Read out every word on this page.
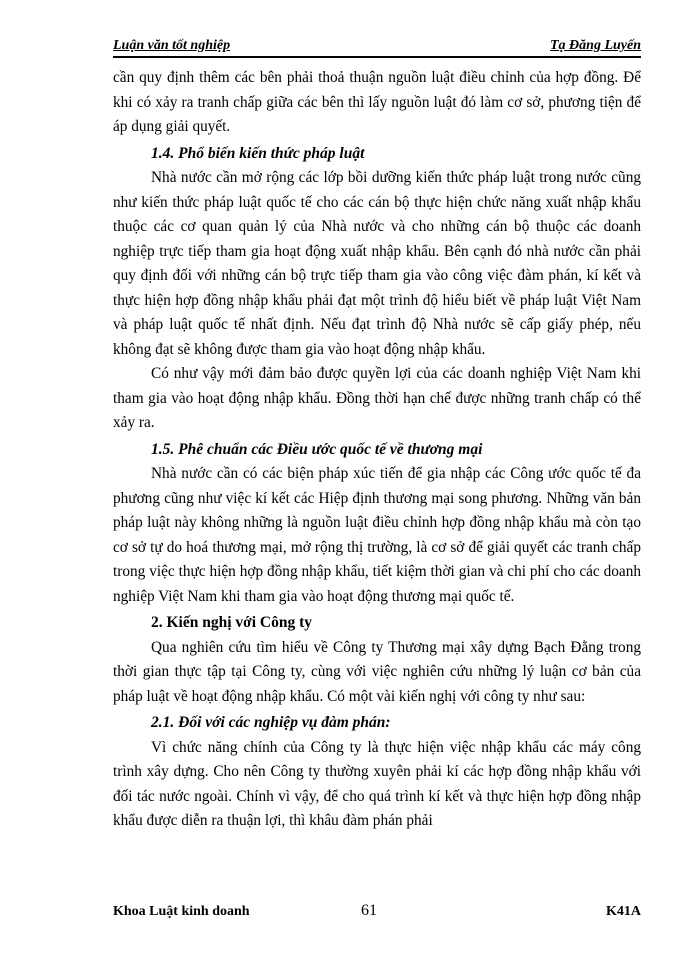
Luận văn tốt nghiệp	Tạ Đăng Luyến

cần quy định thêm các bên phải thoả thuận nguồn luật điều chỉnh của hợp đồng. Để khi có xảy ra tranh chấp giữa các bên thì lấy nguồn luật đó làm cơ sở, phương tiện để áp dụng giải quyết.

1.4. Phổ biến kiến thức pháp luật

Nhà nước cần mở rộng các lớp bồi dưỡng kiến thức pháp luật trong nước cũng như kiến thức pháp luật quốc tế cho các cán bộ thực hiện chức năng xuất nhập khẩu thuộc các cơ quan quản lý của Nhà nước và cho những cán bộ thuộc các doanh nghiệp trực tiếp tham gia hoạt động xuất nhập khẩu. Bên cạnh đó nhà nước cần phải quy định đối với những cán bộ trực tiếp tham gia vào công việc đàm phán, kí kết và thực hiện hợp đồng nhập khẩu phải đạt một trình độ hiểu biết về pháp luật Việt Nam và pháp luật quốc tế nhất định. Nếu đạt trình độ Nhà nước sẽ cấp giấy phép, nếu không đạt sẽ không được tham gia vào hoạt động nhập khẩu.

Có như vậy mới đảm bảo được quyền lợi của các doanh nghiệp Việt Nam khi tham gia vào hoạt động nhập khẩu. Đồng thời hạn chế được những tranh chấp có thể xảy ra.

1.5. Phê chuẩn các Điều ước quốc tế về thương mại

Nhà nước cần có các biện pháp xúc tiến để gia nhập các Công ước quốc tế đa phương cũng như việc kí kết các Hiệp định thương mại song phương. Những văn bản pháp luật này không những là nguồn luật điều chỉnh hợp đồng nhập khẩu mà còn tạo cơ sở tự do hoá thương mại, mở rộng thị trường, là cơ sở để giải quyết các tranh chấp trong việc thực hiện hợp đồng nhập khẩu, tiết kiệm thời gian và chi phí cho các doanh nghiệp Việt Nam khi tham gia vào hoạt động thương mại quốc tế.

2. Kiến nghị với Công ty

Qua nghiên cứu tìm hiểu về Công ty Thương mại xây dựng Bạch Đằng trong thời gian thực tập tại Công ty, cùng với việc nghiên cứu những lý luận cơ bản của pháp luật về hoạt động nhập khẩu. Có một vài kiến nghị với công ty như sau:

2.1. Đối với các nghiệp vụ đàm phán:

Vì chức năng chính của Công ty là thực hiện việc nhập khẩu các máy công trình xây dựng. Cho nên Công ty thường xuyên phải kí các hợp đồng nhập khẩu với đối tác nước ngoài. Chính vì vậy, để cho quá trình kí kết và thực hiện hợp đồng nhập khẩu được diễn ra thuận lợi, thì khâu đàm phán phải

Khoa Luật kinh doanh	61	K41A
